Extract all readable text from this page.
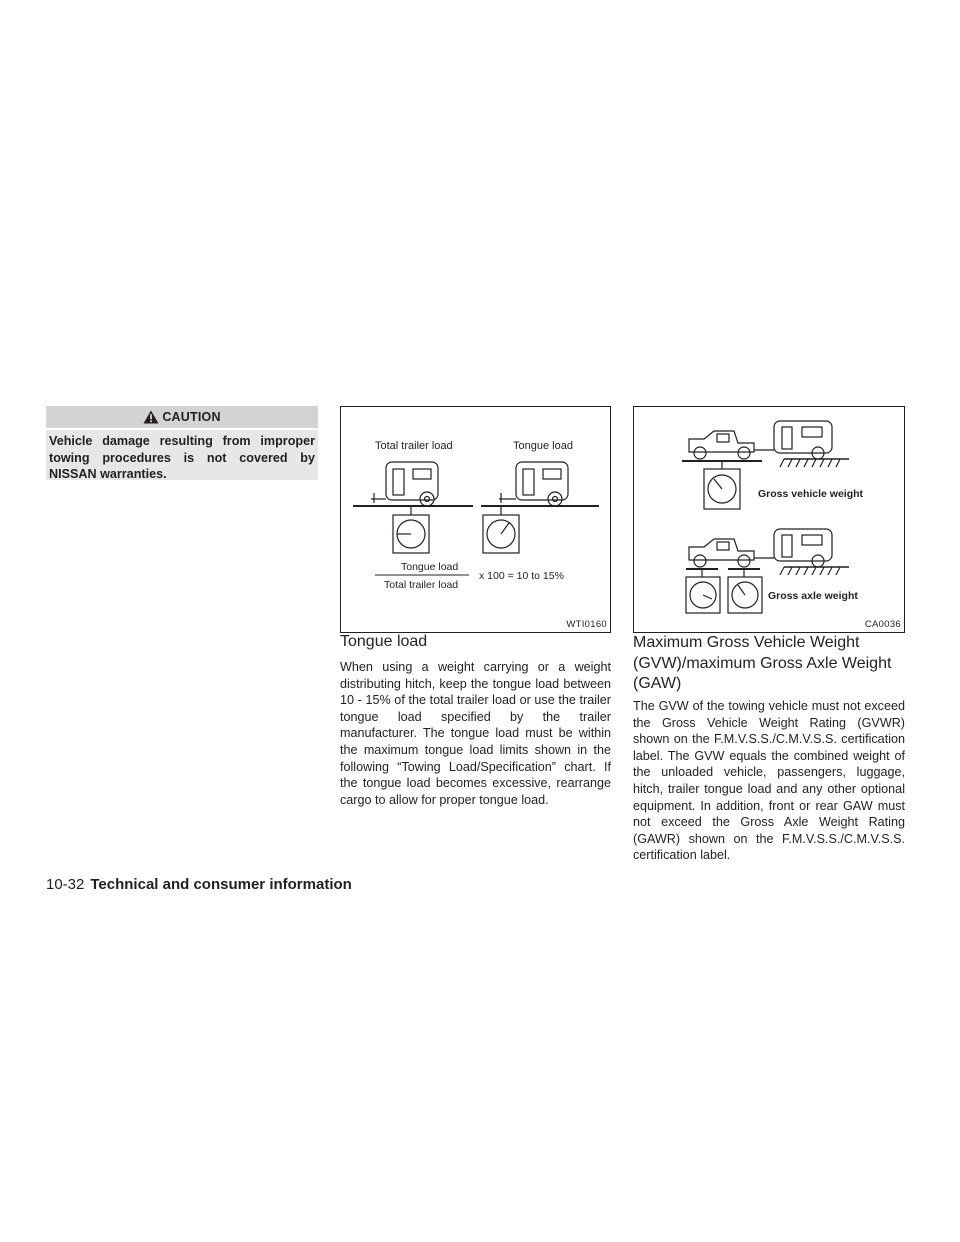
CAUTION
Vehicle damage resulting from improper towing procedures is not covered by NISSAN warranties.
Total trailer load	Tongue load
Tongue load
Total trailer load
x 100 = 10 to 15%
WTI0160
Gross vehicle weight
Gross axle weight
CA0036
Tongue load

When using a weight carrying or a weight distributing hitch, keep the tongue load between 10 - 15% of the total trailer load or use the trailer tongue load specified by the trailer manufacturer. The tongue load must be within the maximum tongue load limits shown in the following “Towing Load/Specification” chart. If the tongue load becomes excessive, rearrange cargo to allow for proper tongue load.

Maximum Gross Vehicle Weight (GVW)/maximum Gross Axle Weight (GAW)

The GVW of the towing vehicle must not exceed the Gross Vehicle Weight Rating (GVWR) shown on the F.M.V.S.S./C.M.V.S.S. certification label. The GVW equals the combined weight of the unloaded vehicle, passengers, luggage, hitch, trailer tongue load and any other optional equipment. In addition, front or rear GAW must not exceed the Gross Axle Weight Rating (GAWR) shown on the F.M.V.S.S./C.M.V.S.S. certification label.

10-32 Technical and consumer information
